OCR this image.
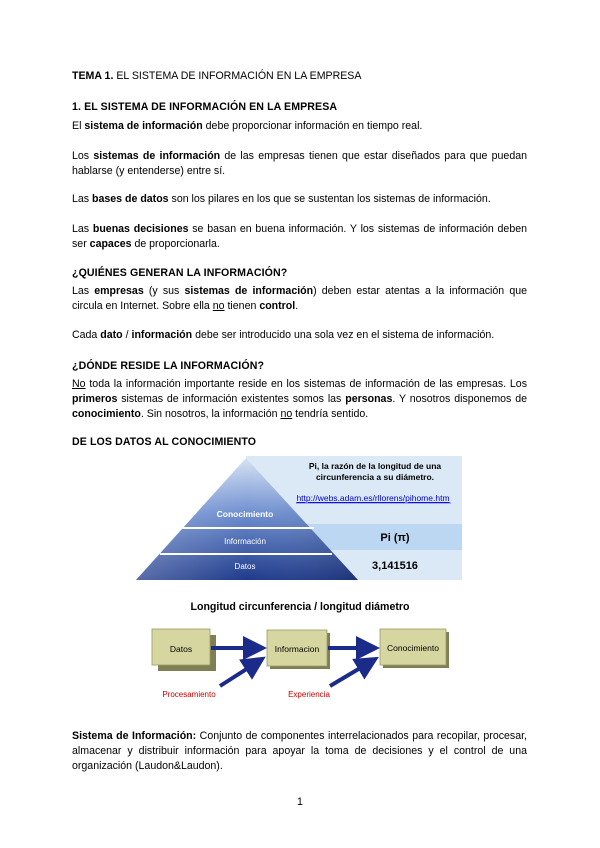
TEMA 1. EL SISTEMA DE INFORMACIÓN EN LA EMPRESA
1. EL SISTEMA DE INFORMACIÓN EN LA EMPRESA
El sistema de información debe proporcionar información en tiempo real.
Los sistemas de información de las empresas tienen que estar diseñados para que puedan hablarse (y entenderse) entre sí.
Las bases de datos son los pilares en los que se sustentan los sistemas de información.
Las buenas decisiones se basan en buena información. Y los sistemas de información deben ser capaces de proporcionarla.
¿QUIÉNES GENERAN LA INFORMACIÓN?
Las empresas (y sus sistemas de información) deben estar atentas a la información que circula en Internet. Sobre ella no tienen control.
Cada dato / información debe ser introducido una sola vez en el sistema de información.
¿DÓNDE RESIDE LA INFORMACIÓN?
No toda la información importante reside en los sistemas de información de las empresas. Los primeros sistemas de información existentes somos las personas. Y nosotros disponemos de conocimiento. Sin nosotros, la información no tendría sentido.
DE LOS DATOS AL CONOCIMIENTO
Conocimiento
Información
Datos
Pi, la razón de la longitud de una
circunferencia a su diámetro.
http://webs.adam.es/rllorens/pihome.htm
Pi (π)
3,141516
Longitud circunferencia / longitud diámetro
Datos	Informacion	Conocimiento
Procesamiento	Experiencia
Sistema de Información: Conjunto de componentes interrelacionados para recopilar, procesar, almacenar y distribuir información para apoyar la toma de decisiones y el control de una organización (Laudon&Laudon).
1
